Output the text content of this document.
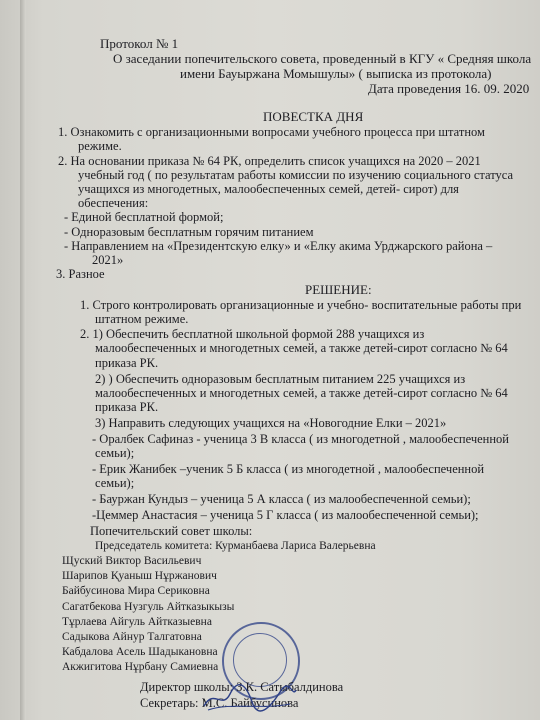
Протокол № 1
О заседании попечительского совета, проведенный в КГУ « Средняя школа
имени Бауыржана Момышулы» ( выписка из протокола)
Дата проведения 16. 09. 2020
ПОВЕСТКА ДНЯ
1. Ознакомить с организационными вопросами учебного процесса при штатном
режиме.
2. На основании приказа № 64 РК, определить список учащихся на 2020 – 2021
учебный год ( по результатам работы комиссии по изучению социального статуса
учащихся из многодетных, малообеспеченных семей, детей- сирот) для
обеспечения:
- Единой бесплатной формой;
- Одноразовым бесплатным горячим питанием
- Направлением на «Президентскую елку» и «Елку акима Урджарского района –
2021»
3. Разное
РЕШЕНИЕ:
1. Строго контролировать организационные и учебно- воспитательные работы при
штатном режиме.
2. 1) Обеспечить бесплатной школьной формой 288 учащихся из
малообеспеченных и многодетных семей, а также детей-сирот согласно № 64
приказа РК.
2) ) Обеспечить одноразовым бесплатным питанием 225 учащихся из
малообеспеченных и многодетных семей, а также детей-сирот согласно № 64
приказа РК.
3) Направить следующих учащихся на «Новогодние Елки – 2021»
- Оралбек Сафиназ - ученица 3 В класса ( из многодетной , малообеспеченной
семьи);
- Ерик Жанибек –ученик 5 Б класса ( из многодетной , малообеспеченной
семьи);
- Бауржан Кундыз – ученица 5 А класса ( из малообеспеченной семьи);
-Цеммер Анастасия – ученица 5 Г класса ( из малообеспеченной семьи);
Попечительский совет школы:
Председатель комитета: Курманбаева Лариса Валерьевна
Щуский Виктор Васильевич
Шарипов Қуаныш Нұржанович
Байбусинова Мира Сериковна
Сагатбекова Нузгуль Айтказыкызы
Тұрлаева Айгуль Айтказыевна
Садыкова Айнур Талгатовна
Кабдалова Асель Шадыкановна
Акжигитова Нұрбану Самиевна
Директор школы: З.К. Сатыбалдинова
Секретарь: М.С. Байбусинова
